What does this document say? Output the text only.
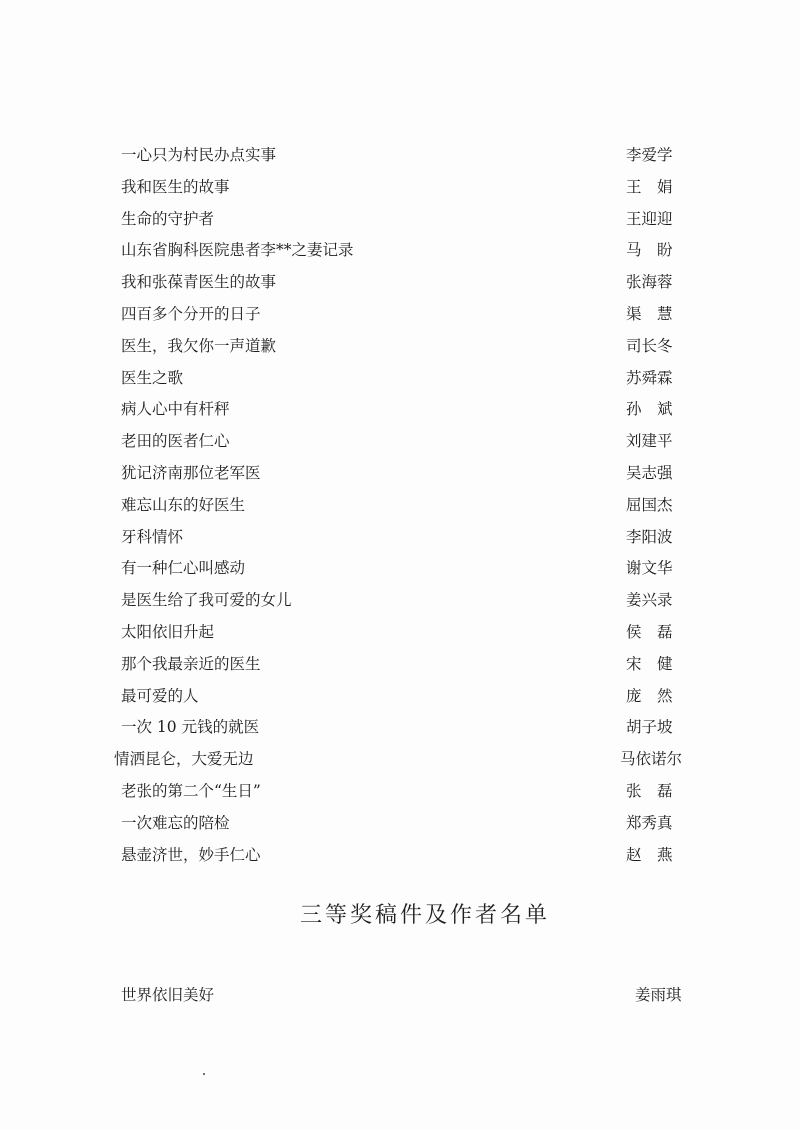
一心只为村民办点实事	李爱学
我和医生的故事	王　娟
生命的守护者	王迎迎
山东省胸科医院患者李**之妻记录	马　盼
我和张葆青医生的故事	张海蓉
四百多个分开的日子	渠　慧
医生，我欠你一声道歉	司长冬
医生之歌	苏舜霖
病人心中有杆秤	孙　斌
老田的医者仁心	刘建平
犹记济南那位老军医	吴志强
难忘山东的好医生	屈国杰
牙科情怀	李阳波
有一种仁心叫感动	谢文华
是医生给了我可爱的女儿	姜兴录
太阳依旧升起	侯　磊
那个我最亲近的医生	宋　健
最可爱的人	庞　然
一次 10 元钱的就医	胡子坡
情洒昆仑，大爱无边	马依诺尔
老张的第二个“生日”	张　磊
一次难忘的陪检	郑秀真
悬壶济世，妙手仁心	赵　燕
三等奖稿件及作者名单
世界依旧美好	姜雨琪
